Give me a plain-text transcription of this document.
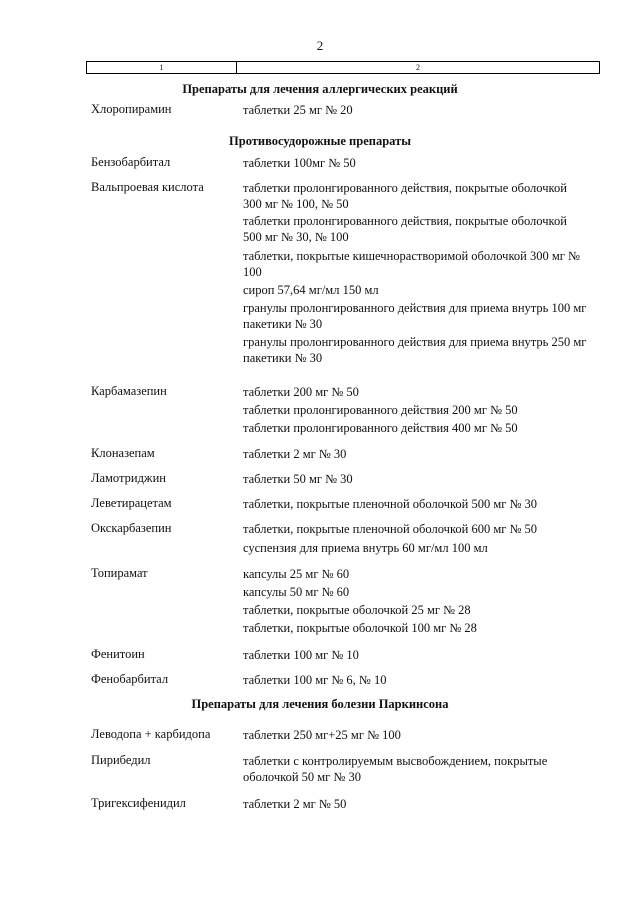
2
1	2
Препараты для лечения аллергических реакций
Хлоропирамин	таблетки 25 мг № 20
Противосудорожные препараты
Бензобарбитал	таблетки 100мг № 50
Вальпроевая кислота	таблетки пролонгированного действия, покрытые оболочкой 300 мг № 100, № 50
таблетки пролонгированного действия, покрытые оболочкой 500 мг № 30, № 100
таблетки, покрытые кишечнорастворимой оболочкой 300 мг № 100
сироп 57,64 мг/мл 150 мл
гранулы пролонгированного действия для приема внутрь 100 мг пакетики № 30
гранулы пролонгированного действия для приема внутрь 250 мг пакетики № 30
Карбамазепин	таблетки 200 мг № 50
таблетки пролонгированного действия 200 мг № 50
таблетки пролонгированного действия 400 мг № 50
Клоназепам	таблетки 2 мг № 30
Ламотриджин	таблетки 50 мг № 30
Леветирацетам	таблетки, покрытые пленочной оболочкой 500 мг № 30
Окскарбазепин	таблетки, покрытые пленочной оболочкой 600 мг № 50
суспензия для приема внутрь 60 мг/мл 100 мл
Топирамат	капсулы 25 мг № 60
капсулы 50 мг № 60
таблетки, покрытые оболочкой 25 мг № 28
таблетки, покрытые оболочкой 100 мг № 28
Фенитоин	таблетки 100 мг № 10
Фенобарбитал	таблетки 100 мг № 6, № 10
Препараты для лечения болезни Паркинсона
Леводопа + карбидопа	таблетки 250 мг+25 мг № 100
Пирибедил	таблетки с контролируемым высвобождением, покрытые оболочкой 50 мг № 30
Тригексифенидил	таблетки 2 мг № 50
